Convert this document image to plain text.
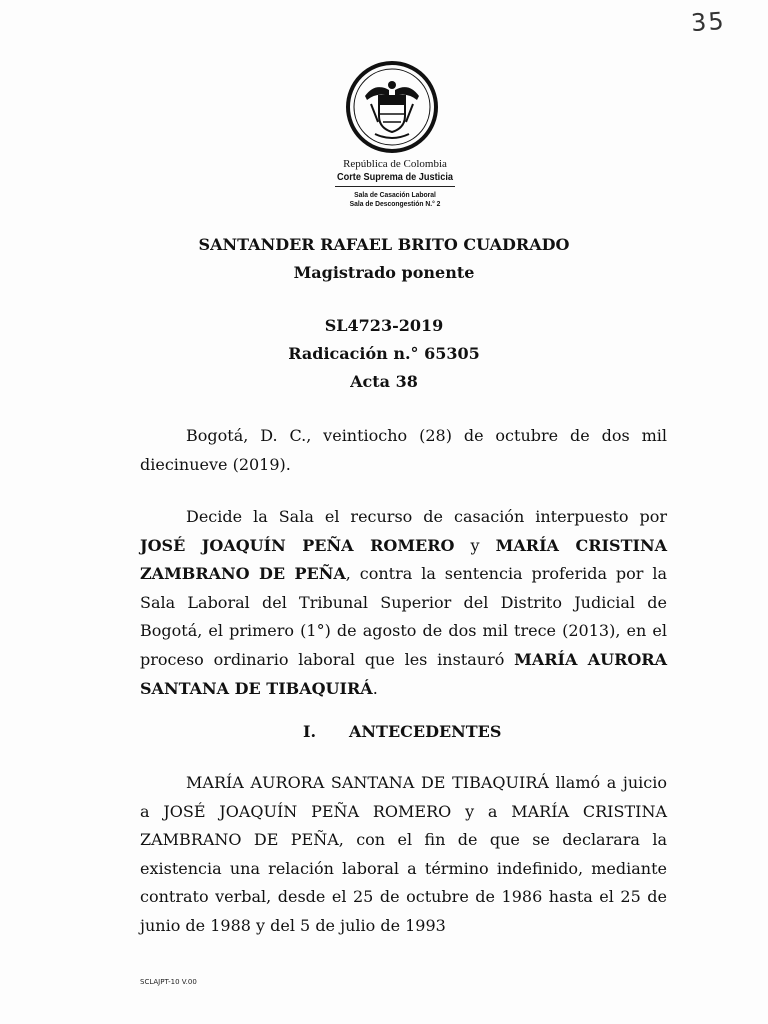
35
República de Colombia
Corte Suprema de Justicia
Sala de Casación Laboral
Sala de Descongestión N.° 2
SANTANDER RAFAEL BRITO CUADRADO
Magistrado ponente
SL4723-2019
Radicación n.° 65305
Acta 38

Bogotá, D. C., veintiocho (28) de octubre de dos mil diecinueve (2019).

Decide la Sala el recurso de casación interpuesto por JOSÉ JOAQUÍN PEÑA ROMERO y MARÍA CRISTINA ZAMBRANO DE PEÑA, contra la sentencia proferida por la Sala Laboral del Tribunal Superior del Distrito Judicial de Bogotá, el primero (1°) de agosto de dos mil trece (2013), en el proceso ordinario laboral que les instauró MARÍA AURORA SANTANA DE TIBAQUIRÁ.

I. ANTECEDENTES

MARÍA AURORA SANTANA DE TIBAQUIRÁ llamó a juicio a JOSÉ JOAQUÍN PEÑA ROMERO y a MARÍA CRISTINA ZAMBRANO DE PEÑA, con el fin de que se declarara la existencia una relación laboral a término indefinido, mediante contrato verbal, desde el 25 de octubre de 1986 hasta el 25 de junio de 1988 y del 5 de julio de 1993

SCLAJPT-10 V.00
